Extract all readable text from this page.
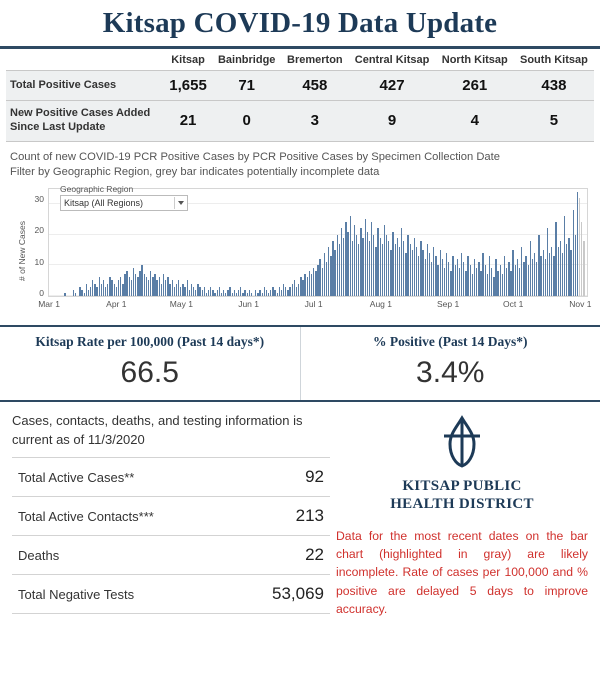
Kitsap COVID-19 Data Update
	Kitsap	Bainbridge	Bremerton	Central Kitsap	North Kitsap	South Kitsap
Total Positive Cases	1,655	71	458	427	261	438
New Positive Cases Added Since Last Update	21	0	3	9	4	5
Count of new COVID-19 PCR Positive Cases by PCR Positive Cases by Specimen Collection Date
Filter by Geographic Region, grey bar indicates potentially incomplete data
Geographic Region
Kitsap (All Regions)
0
10
20
30
# of New Cases
Mar 1	Apr 1	May 1	Jun 1	Jul 1	Aug 1	Sep 1	Oct 1	Nov 1
Kitsap Rate per 100,000 (Past 14 days*)
66.5
% Positive (Past 14 Days*)
3.4%
Cases, contacts, deaths, and testing information is current as of 11/3/2020
Total Active Cases**	92
Total Active Contacts***	213
Deaths	22
Total Negative Tests	53,069
KITSAP PUBLIC
HEALTH DISTRICT
Data for the most recent dates on the bar chart (highlighted in gray) are likely incomplete. Rate of cases per 100,000 and % positive are delayed 5 days to improve accuracy.
